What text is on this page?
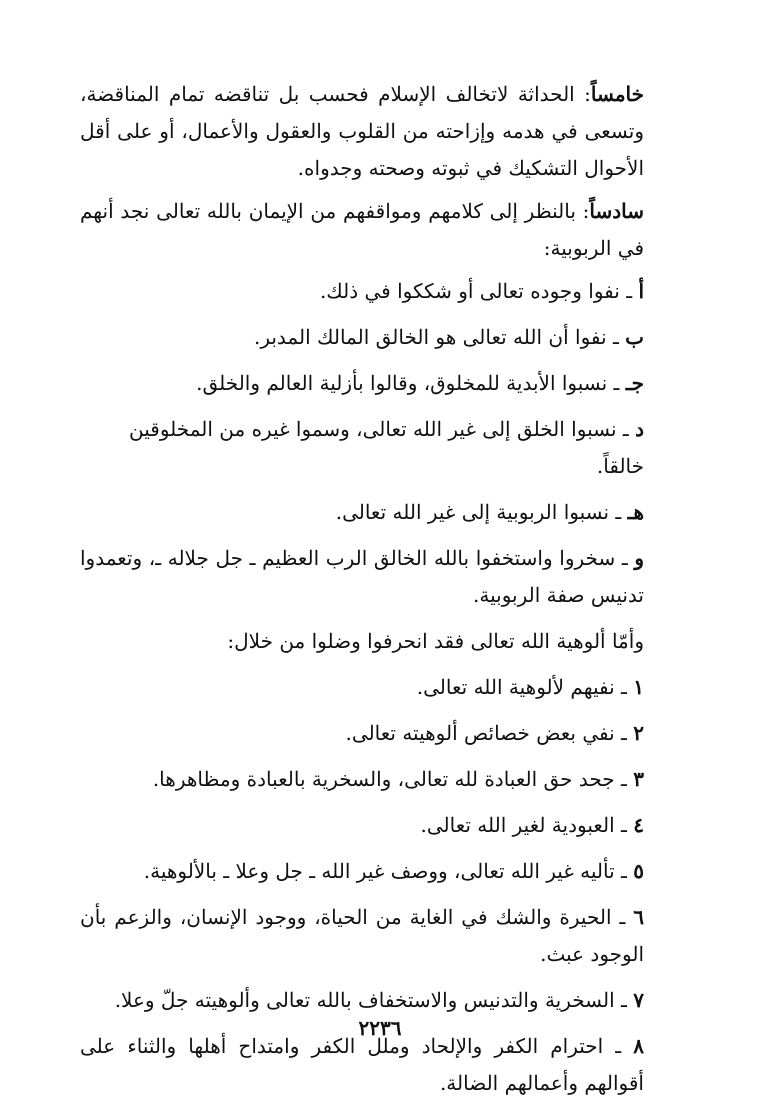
خامساً: الحداثة لاتخالف الإسلام فحسب بل تناقضه تمام المناقضة، وتسعى في هدمه وإزاحته من القلوب والعقول والأعمال، أو على أقل الأحوال التشكيك في ثبوته وصحته وجدواه.

سادساً: بالنظر إلى كلامهم ومواقفهم من الإيمان بالله تعالى نجد أنهم في الربوبية:

أ ـ نفوا وجوده تعالى أو شككوا في ذلك.

ب ـ نفوا أن الله تعالى هو الخالق المالك المدبر.

جـ ـ نسبوا الأبدية للمخلوق، وقالوا بأزلية العالم والخلق.

د ـ نسبوا الخلق إلى غير الله تعالى، وسموا غيره من المخلوقين خالقاً.

هـ ـ نسبوا الربوبية إلى غير الله تعالى.

و ـ سخروا واستخفوا بالله الخالق الرب العظيم ـ جل جلاله ـ، وتعمدوا تدنيس صفة الربوبية.

وأمّا ألوهية الله تعالى فقد انحرفوا وضلوا من خلال:

١ ـ نفيهم لألوهية الله تعالى.

٢ ـ نفي بعض خصائص ألوهيته تعالى.

٣ ـ جحد حق العبادة لله تعالى، والسخرية بالعبادة ومظاهرها.

٤ ـ العبودية لغير الله تعالى.

٥ ـ تأليه غير الله تعالى، ووصف غير الله ـ جل وعلا ـ بالألوهية.

٦ ـ الحيرة والشك في الغاية من الحياة، ووجود الإنسان، والزعم بأن الوجود عبث.

٧ ـ السخرية والتدنيس والاستخفاف بالله تعالى وألوهيته جلّ وعلا.

٨ ـ احترام الكفر والإلحاد وملل الكفر وامتداح أهلها والثناء على أقوالهم وأعمالهم الضالة.

٢٢٣٦
